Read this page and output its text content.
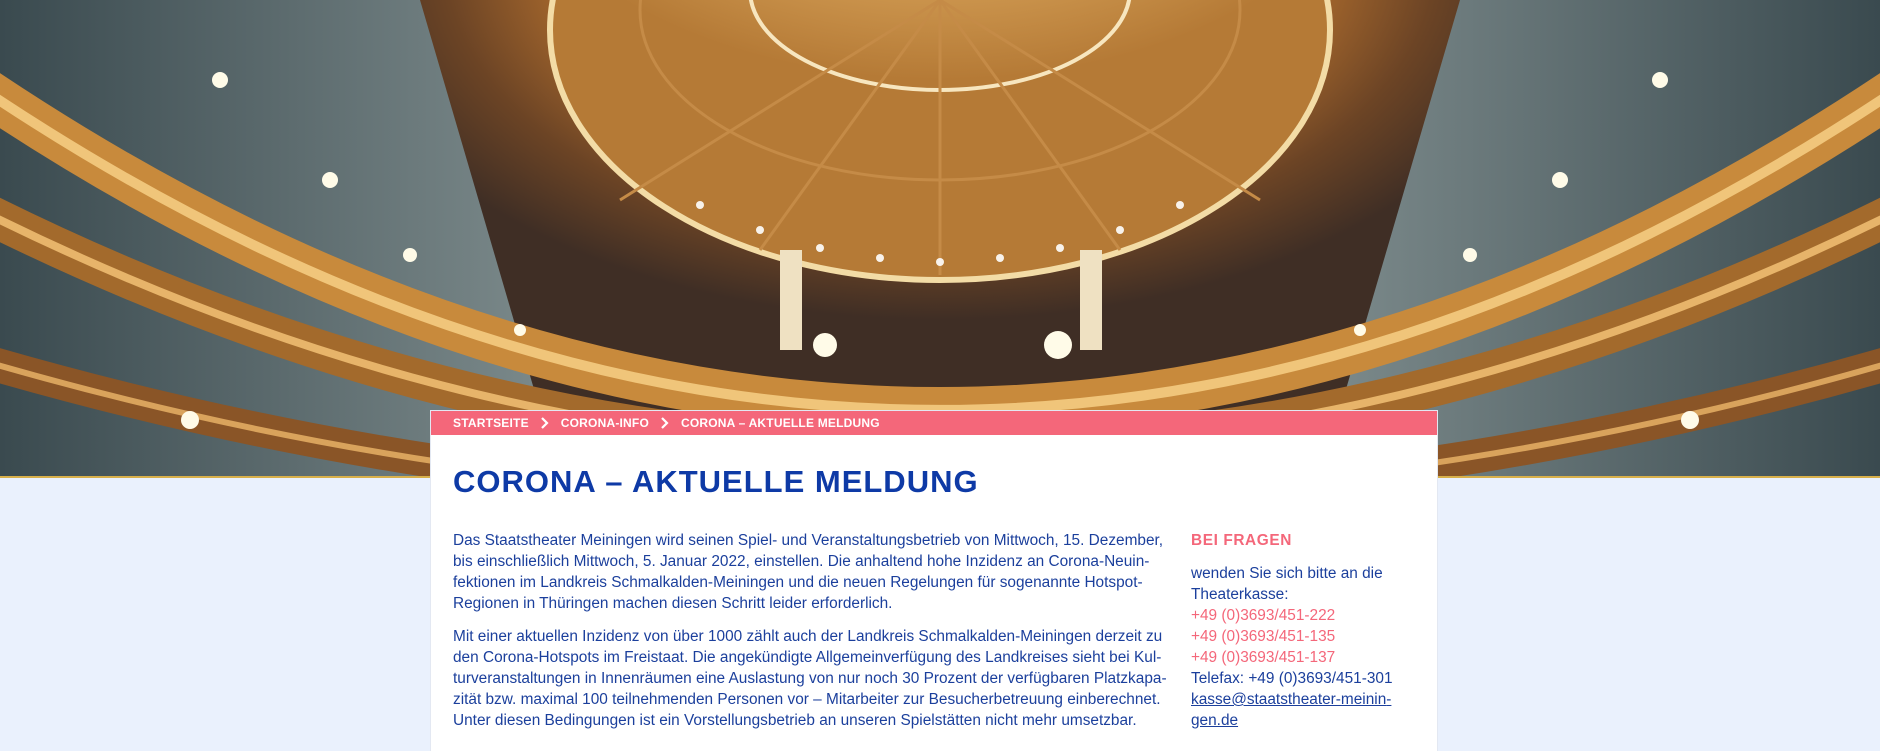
STARTSEITE	CORONA-INFO	CORONA – AKTUELLE MELDUNG
CORONA – AKTUELLE MELDUNG

Das Staatstheater Meiningen wird seinen Spiel- und Veranstaltungsbetrieb von Mittwoch, 15. Dezember, bis einschließlich Mittwoch, 5. Januar 2022, einstellen. Die anhaltend hohe Inzidenz an Corona-Neuinfektionen im Landkreis Schmalkalden-Meiningen und die neuen Regelungen für sogenannte Hotspot-Regionen in Thüringen machen diesen Schritt leider erforderlich.

Mit einer aktuellen Inzidenz von über 1000 zählt auch der Landkreis Schmalkalden-Meiningen derzeit zu den Corona-Hotspots im Freistaat. Die angekündigte Allgemeinverfügung des Landkreises sieht bei Kulturveranstaltungen in Innenräumen eine Auslastung von nur noch 30 Prozent der verfügbaren Platzkapazität bzw. maximal 100 teilnehmenden Personen vor – Mitarbeiter zur Besucherbetreuung einberechnet. Unter diesen Bedingungen ist ein Vorstellungsbetrieb an unseren Spielstätten nicht mehr umsetzbar.

BEI FRAGEN
wenden Sie sich bitte an die Theaterkasse:
+49 (0)3693/451-222
+49 (0)3693/451-135
+49 (0)3693/451-137
Telefax: +49 (0)3693/451-301
kasse@staatstheater-meiningen.de
